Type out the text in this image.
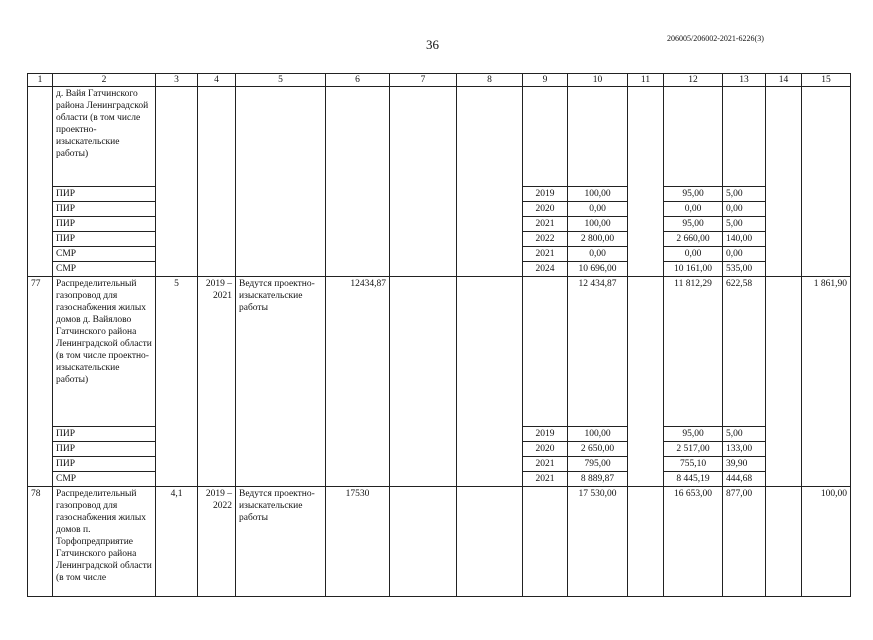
36	206005/206002-2021-6226(3)
1	2	3	4	5	6	7	8	9	10	11	12	13	14	15
	д. Вайя Гатчинского района Ленинградской области (в том числе проектно-изыскательские работы)													
	ПИР							2019	100,00		95,00	5,00		
	ПИР							2020	0,00		0,00	0,00		
	ПИР							2021	100,00		95,00	5,00		
	ПИР							2022	2 800,00		2 660,00	140,00		
	СМР							2021	0,00		0,00	0,00		
	СМР							2024	10 696,00		10 161,00	535,00		
77	Распределительный газопровод для газоснабжения жилых домов д. Вайялово Гатчинского района Ленинградской области (в том числе проектно-изыскательские работы)	5	2019 – 2021	Ведутся проектно-изыскательские работы	12434,87				12 434,87		11 812,29	622,58		1 861,90
	ПИР							2019	100,00		95,00	5,00		
	ПИР							2020	2 650,00		2 517,00	133,00		
	ПИР							2021	795,00		755,10	39,90		
	СМР							2021	8 889,87		8 445,19	444,68		
78	Распределительный газопровод для газоснабжения жилых домов п. Торфопредприятие Гатчинского района Ленинградской области (в том числе	4,1	2019 – 2022	Ведутся проектно-изыскательские работы	17530				17 530,00		16 653,00	877,00		100,00
